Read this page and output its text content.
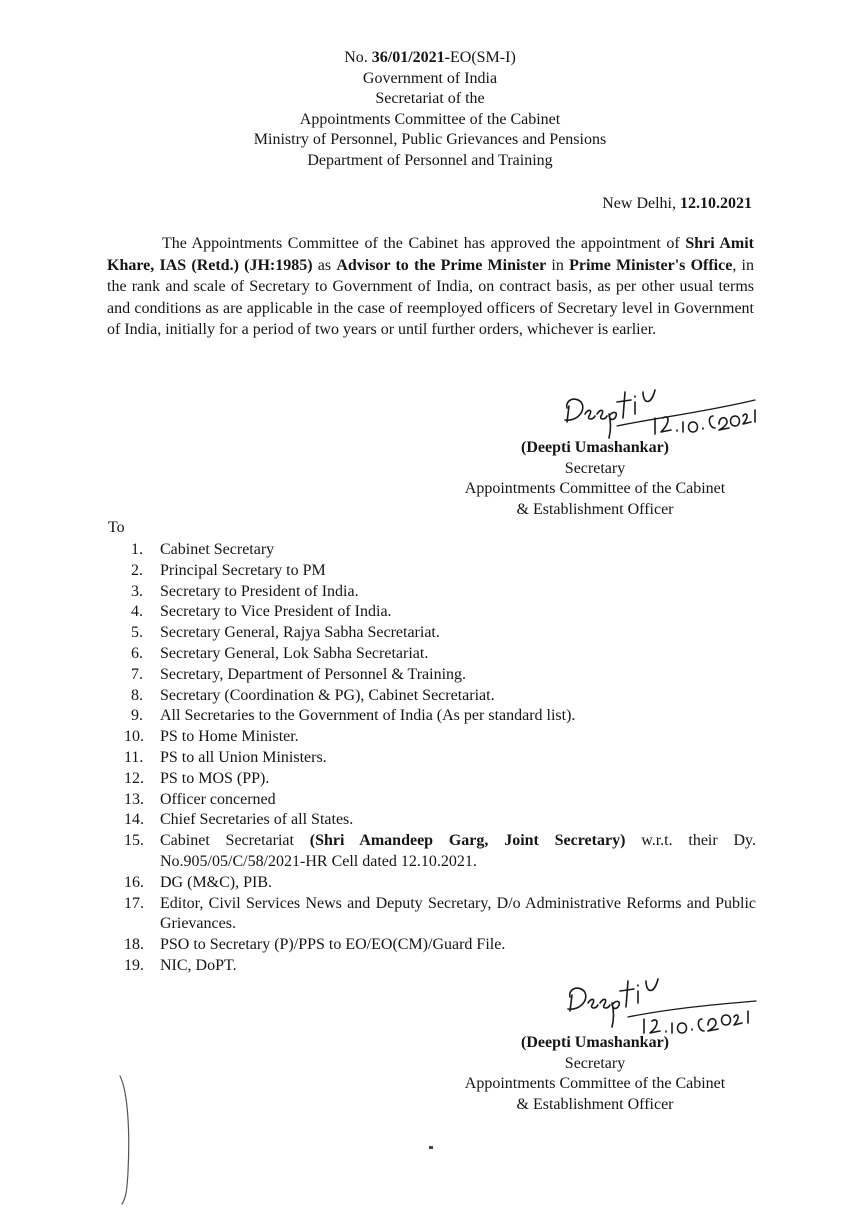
No. 36/01/2021-EO(SM-I)
Government of India
Secretariat of the
Appointments Committee of the Cabinet
Ministry of Personnel, Public Grievances and Pensions
Department of Personnel and Training
New Delhi, 12.10.2021
The Appointments Committee of the Cabinet has approved the appointment of Shri Amit Khare, IAS (Retd.) (JH:1985) as Advisor to the Prime Minister in Prime Minister's Office, in the rank and scale of Secretary to Government of India, on contract basis, as per other usual terms and conditions as are applicable in the case of reemployed officers of Secretary level in Government of India, initially for a period of two years or until further orders, whichever is earlier.
(Deepti Umashankar)
Secretary
Appointments Committee of the Cabinet
& Establishment Officer
To
1. Cabinet Secretary
2. Principal Secretary to PM
3. Secretary to President of India.
4. Secretary to Vice President of India.
5. Secretary General, Rajya Sabha Secretariat.
6. Secretary General, Lok Sabha Secretariat.
7. Secretary, Department of Personnel & Training.
8. Secretary (Coordination & PG), Cabinet Secretariat.
9. All Secretaries to the Government of India (As per standard list).
10. PS to Home Minister.
11. PS to all Union Ministers.
12. PS to MOS (PP).
13. Officer concerned
14. Chief Secretaries of all States.
15. Cabinet Secretariat (Shri Amandeep Garg, Joint Secretary) w.r.t. their Dy. No.905/05/C/58/2021-HR Cell dated 12.10.2021.
16. DG (M&C), PIB.
17. Editor, Civil Services News and Deputy Secretary, D/o Administrative Reforms and Public Grievances.
18. PSO to Secretary (P)/PPS to EO/EO(CM)/Guard File.
19. NIC, DoPT.
(Deepti Umashankar)
Secretary
Appointments Committee of the Cabinet
& Establishment Officer
